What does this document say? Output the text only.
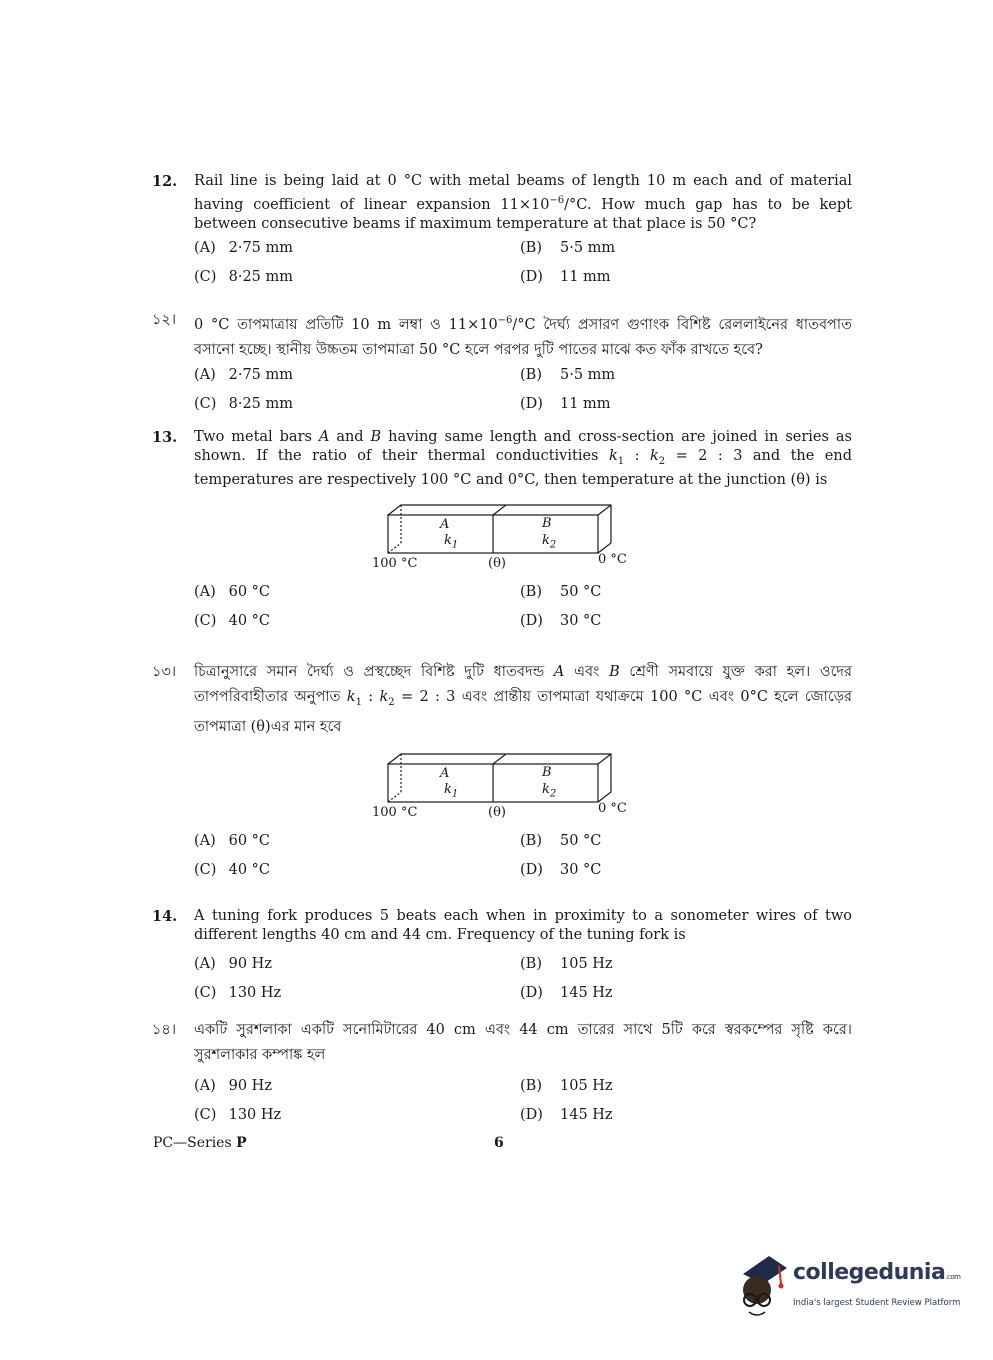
12. Rail line is being laid at 0 °C with metal beams of length 10 m each and of material having coefficient of linear expansion $11\times 10^{-6}/^\circ C$. How much gap has to be kept between consecutive beams if maximum temperature at that place is 50 °C?
(A) 2·75 mm	(B) 5·5 mm
(C) 8·25 mm	(D) 11 mm
১২। 0 °C তাপমাত্রায় প্রতিটি 10 m লম্বা ও $11\times 10^{-6}/^\circ C$ দৈর্ঘ্য প্রসারণ গুণাংক বিশিষ্ট রেললাইনের ধাতবপাত বসানো হচ্ছে। স্থানীয় উচ্চতম তাপমাত্রা 50 °C হলে পরপর দুটি পাতের মাঝে কত ফাঁক রাখতে হবে?
(A) 2·75 mm	(B) 5·5 mm
(C) 8·25 mm	(D) 11 mm
13. Two metal bars A and B having same length and cross-section are joined in series as shown. If the ratio of their thermal conductivities $k_1$ : $k_2 = 2$ : 3 and the end temperatures are respectively 100 °C and 0°C, then temperature at the junction (θ) is
A
$k_1$
B
$k_2$
100 °C	(θ)	0 °C
(A) 60 °C	(B) 50 °C
(C) 40 °C	(D) 30 °C
১৩। চিত্রানুসারে সমান দৈর্ঘ্য ও প্রস্থচ্ছেদ বিশিষ্ট দুটি ধাতবদন্ড A এবং B শ্রেণী সমবায়ে যুক্ত করা হল। ওদের তাপপরিবাহীতার অনুপাত $k_1$ : $k_2 = 2$ : 3 এবং প্রান্তীয় তাপমাত্রা যথাক্রমে 100 °C এবং 0°C হলে জোড়ের তাপমাত্রা (θ)এর মান হবে
A
$k_1$
B
$k_2$
100 °C	(θ)	0 °C
(A) 60 °C	(B) 50 °C
(C) 40 °C	(D) 30 °C
14. A tuning fork produces 5 beats each when in proximity to a sonometer wires of two different lengths 40 cm and 44 cm. Frequency of the tuning fork is
(A) 90 Hz	(B) 105 Hz
(C) 130 Hz	(D) 145 Hz
১৪। একটি সুরশলাকা একটি সনোমিটারের 40 cm এবং 44 cm তারের সাথে 5টি করে স্বরকম্পের সৃষ্টি করে। সুরশলাকার কম্পাঙ্ক হল
(A) 90 Hz	(B) 105 Hz
(C) 130 Hz	(D) 145 Hz
PC—Series P	6
collegedunia.com
India's largest Student Review Platform
